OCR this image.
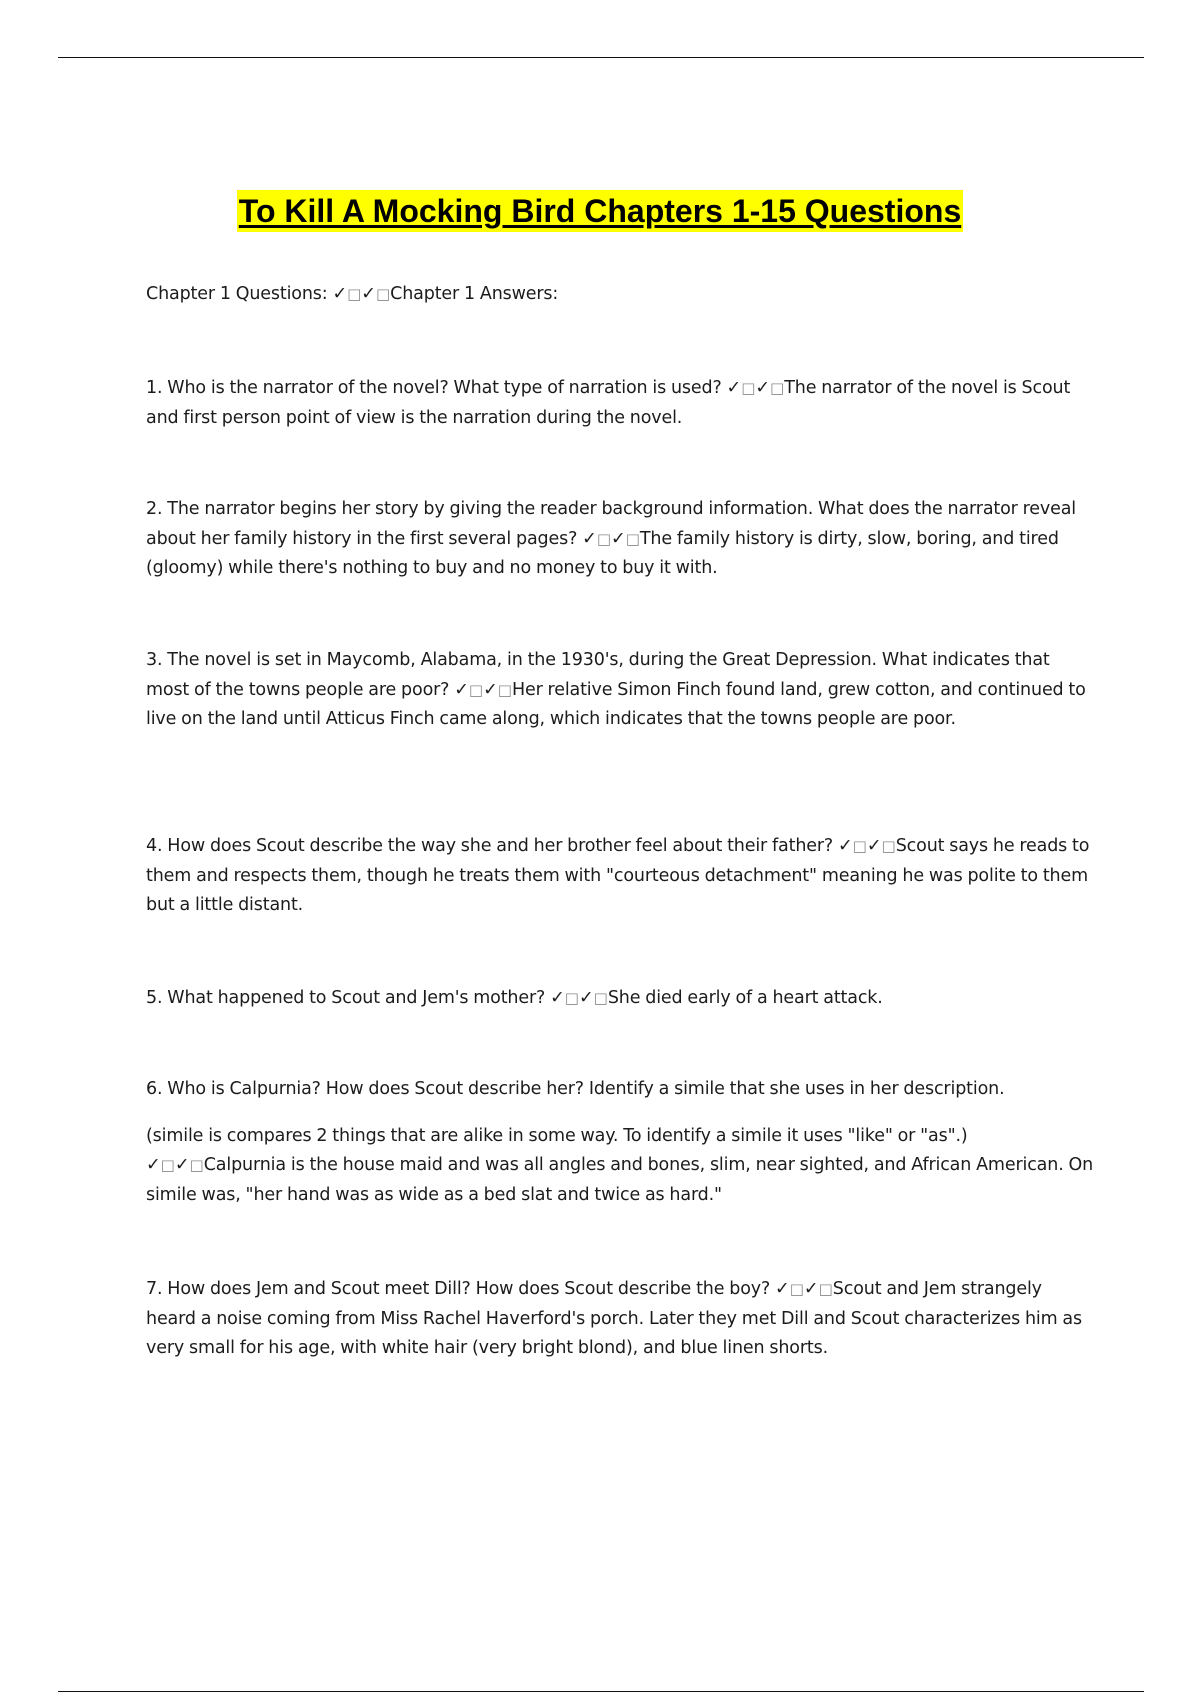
To Kill A Mocking Bird Chapters 1-15 Questions

Chapter 1 Questions: ✓□✓□Chapter 1 Answers:

1. Who is the narrator of the novel? What type of narration is used? ✓□✓□The narrator of the novel is Scout and first person point of view is the narration during the novel.

2. The narrator begins her story by giving the reader background information. What does the narrator reveal about her family history in the first several pages? ✓□✓□The family history is dirty, slow, boring, and tired (gloomy) while there's nothing to buy and no money to buy it with.

3. The novel is set in Maycomb, Alabama, in the 1930's, during the Great Depression. What indicates that most of the towns people are poor? ✓□✓□Her relative Simon Finch found land, grew cotton, and continued to live on the land until Atticus Finch came along, which indicates that the towns people are poor.

4. How does Scout describe the way she and her brother feel about their father? ✓□✓□Scout says he reads to them and respects them, though he treats them with "courteous detachment" meaning he was polite to them but a little distant.

5. What happened to Scout and Jem's mother? ✓□✓□She died early of a heart attack.

6. Who is Calpurnia? How does Scout describe her? Identify a simile that she uses in her description.

(simile is compares 2 things that are alike in some way. To identify a simile it uses "like" or "as".) ✓□✓□Calpurnia is the house maid and was all angles and bones, slim, near sighted, and African American. On simile was, "her hand was as wide as a bed slat and twice as hard."

7. How does Jem and Scout meet Dill? How does Scout describe the boy? ✓□✓□Scout and Jem strangely heard a noise coming from Miss Rachel Haverford's porch. Later they met Dill and Scout characterizes him as very small for his age, with white hair (very bright blond), and blue linen shorts.
